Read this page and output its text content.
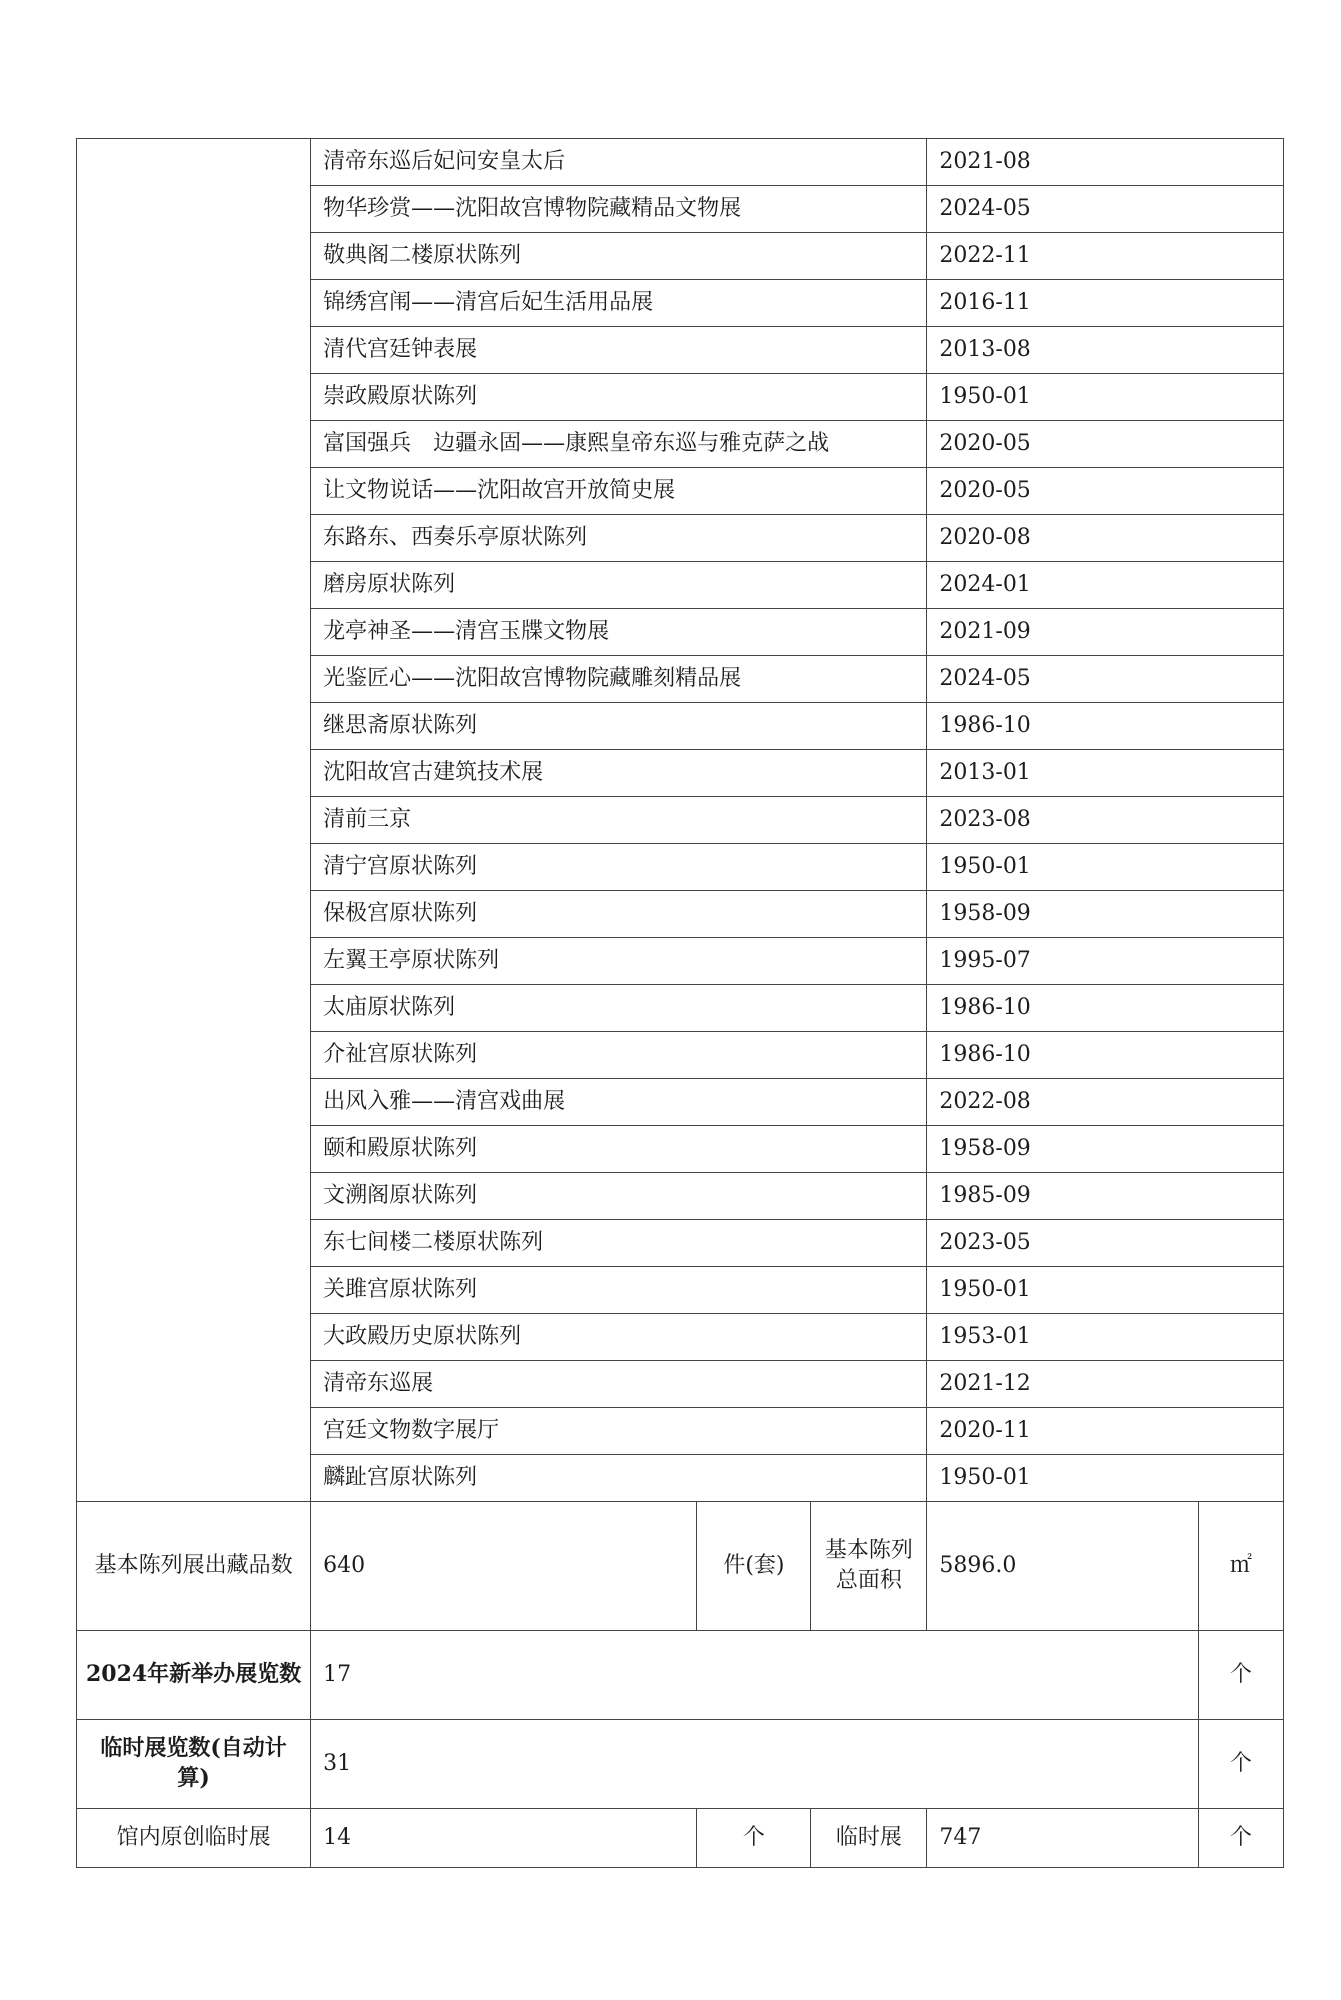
	清帝东巡后妃问安皇太后			2021-08	
	物华珍赏——沈阳故宫博物院藏精品文物展			2024-05	
	敬典阁二楼原状陈列			2022-11	
	锦绣宫闱——清宫后妃生活用品展			2016-11	
	清代宫廷钟表展			2013-08	
	崇政殿原状陈列			1950-01	
	富国强兵　边疆永固——康熙皇帝东巡与雅克萨之战			2020-05	
	让文物说话——沈阳故宫开放简史展			2020-05	
	东路东、西奏乐亭原状陈列			2020-08	
	磨房原状陈列			2024-01	
	龙亭神圣——清宫玉牒文物展			2021-09	
	光鉴匠心——沈阳故宫博物院藏雕刻精品展			2024-05	
	继思斋原状陈列			1986-10	
	沈阳故宫古建筑技术展			2013-01	
	清前三京			2023-08	
	清宁宫原状陈列			1950-01	
	保极宫原状陈列			1958-09	
	左翼王亭原状陈列			1995-07	
	太庙原状陈列			1986-10	
	介祉宫原状陈列			1986-10	
	出风入雅——清宫戏曲展			2022-08	
	颐和殿原状陈列			1958-09	
	文溯阁原状陈列			1985-09	
	东七间楼二楼原状陈列			2023-05	
	关雎宫原状陈列			1950-01	
	大政殿历史原状陈列			1953-01	
	清帝东巡展			2021-12	
	宫廷文物数字展厅			2020-11	
	麟趾宫原状陈列			1950-01	
基本陈列展出藏品数	640	件(套)	基本陈列总面积	5896.0	㎡
2024年新举办展览数	17				个
临时展览数(自动计算)	31				个
馆内原创临时展	14	个	临时展	747	个
